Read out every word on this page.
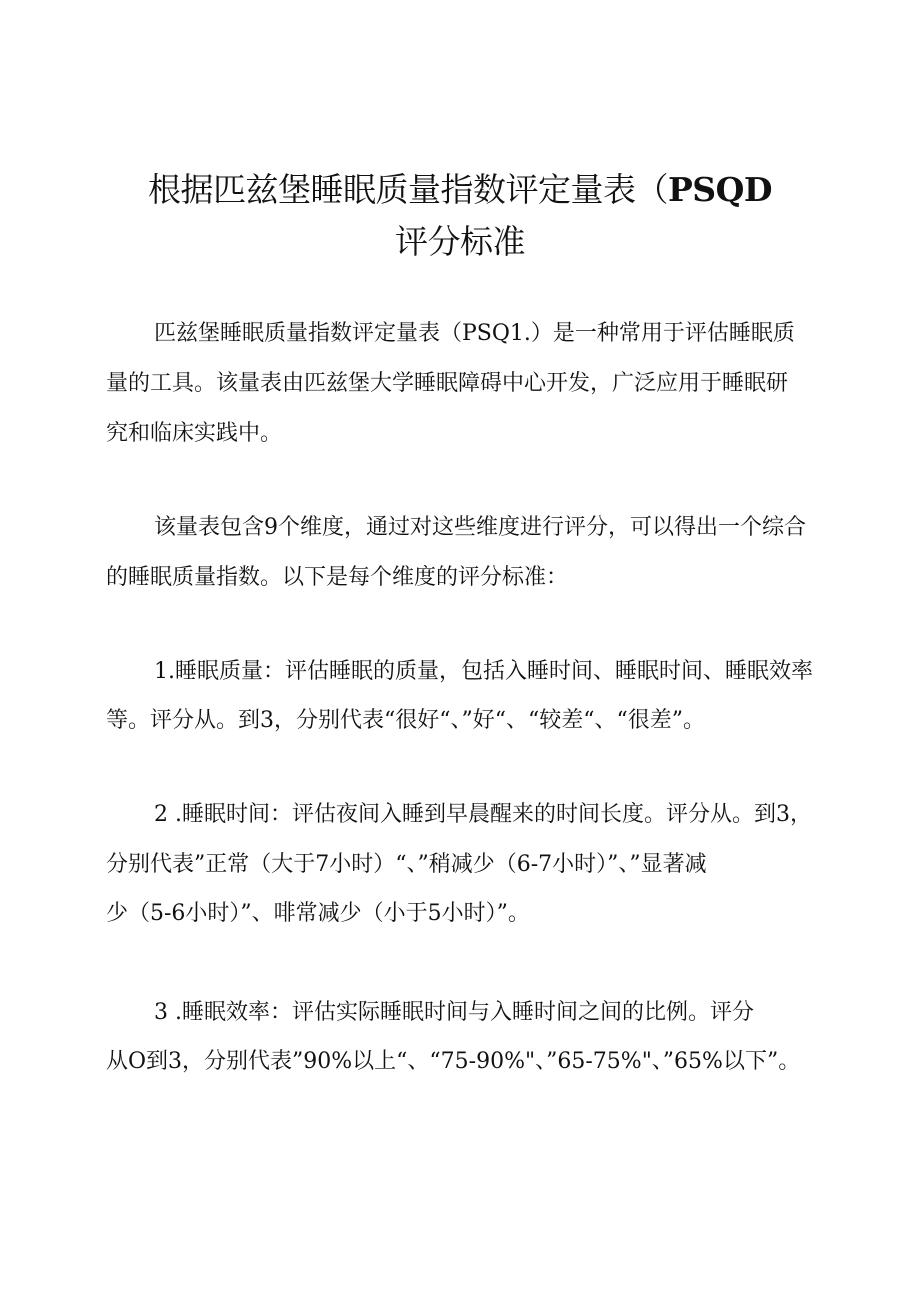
根据匹兹堡睡眠质量指数评定量表（PSQD
评分标准

匹兹堡睡眠质量指数评定量表（PSQ1.）是一种常用于评估睡眠质

量的工具。该量表由匹兹堡大学睡眠障碍中心开发，广泛应用于睡眠研

究和临床实践中。

该量表包含9个维度，通过对这些维度进行评分，可以得出一个综合

的睡眠质量指数。以下是每个维度的评分标准：

1.睡眠质量：评估睡眠的质量，包括入睡时间、睡眠时间、睡眠效率

等。评分从。到3，分别代表“很好“、”好“、“较差“、“很差”。

2 .睡眠时间：评估夜间入睡到早晨醒来的时间长度。评分从。到3，

分别代表”正常（大于7小时）“、”稍减少（6-7小时）”、”显著减

少（5-6小时）”、啡常减少（小于5小时）”。

3 .睡眠效率：评估实际睡眠时间与入睡时间之间的比例。评分

从O到3，分别代表”90%以上“、“75-90%"、”65-75%"、”65%以下”。
